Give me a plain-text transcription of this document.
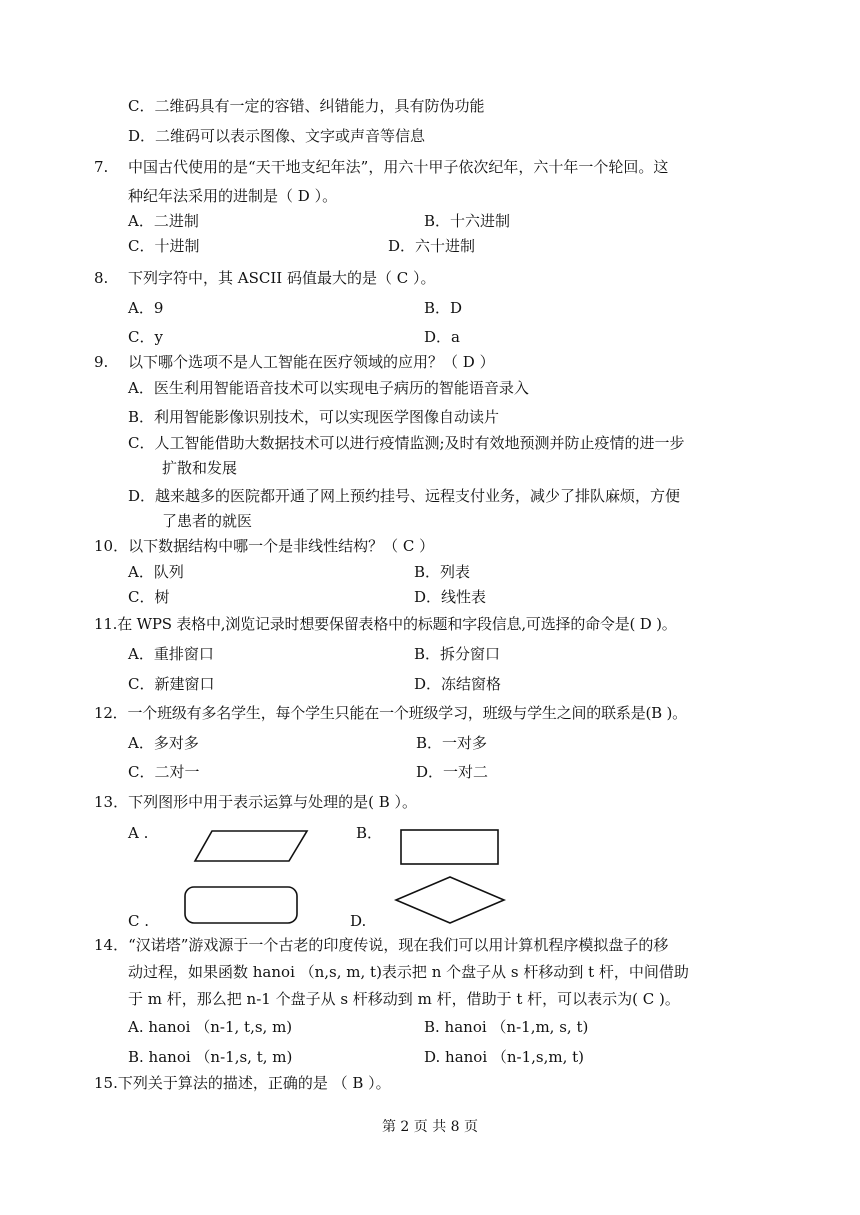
C．二维码具有一定的容错、纠错能力，具有防伪功能
D．二维码可以表示图像、文字或声音等信息
7. 中国古代使用的是“天干地支纪年法”，用六十甲子依次纪年，六十年一个轮回。这
种纪年法采用的进制是（ D ）。
A．二进制	B．十六进制
C．十进制	D．六十进制
8. 下列字符中，其 ASCII 码值最大的是（ C ）。
A．9	B．D
C．y	D．a
9. 以下哪个选项不是人工智能在医疗领域的应用？（ D ）
A．医生利用智能语音技术可以实现电子病历的智能语音录入
B．利用智能影像识别技术，可以实现医学图像自动读片
C．人工智能借助大数据技术可以进行疫情监测;及时有效地预测并防止疫情的进一步
扩散和发展
D．越来越多的医院都开通了网上预约挂号、远程支付业务，减少了排队麻烦，方便
了患者的就医
10．以下数据结构中哪一个是非线性结构？（ C ）
A．队列	B．列表
C．树	D．线性表
11.在 WPS 表格中,浏览记录时想要保留表格中的标题和字段信息,可选择的命令是( D )。
A．重排窗口	B．拆分窗口
C．新建窗口	D．冻结窗格
12．一个班级有多名学生，每个学生只能在一个班级学习，班级与学生之间的联系是(B )。
A．多对多	B．一对多
C．二对一	D．一对二
13．下列图形中用于表示运算与处理的是( B ）。
A .	B．
C .	D.
14．“汉诺塔”游戏源于一个古老的印度传说，现在我们可以用计算机程序模拟盘子的移
动过程，如果函数 hanoi （n,s, m, t)表示把 n 个盘子从 s 杆移动到 t 杆，中间借助
于 m 杆，那么把 n-1 个盘子从 s 杆移动到 m 杆，借助于 t 杆，可以表示为( C )。
A. hanoi （n-1, t,s, m)	B. hanoi （n-1,m, s, t)
B. hanoi （n-1,s, t, m)	D. hanoi （n-1,s,m, t)
15.下列关于算法的描述，正确的是 （ B ）。
第 2 页 共 8 页
